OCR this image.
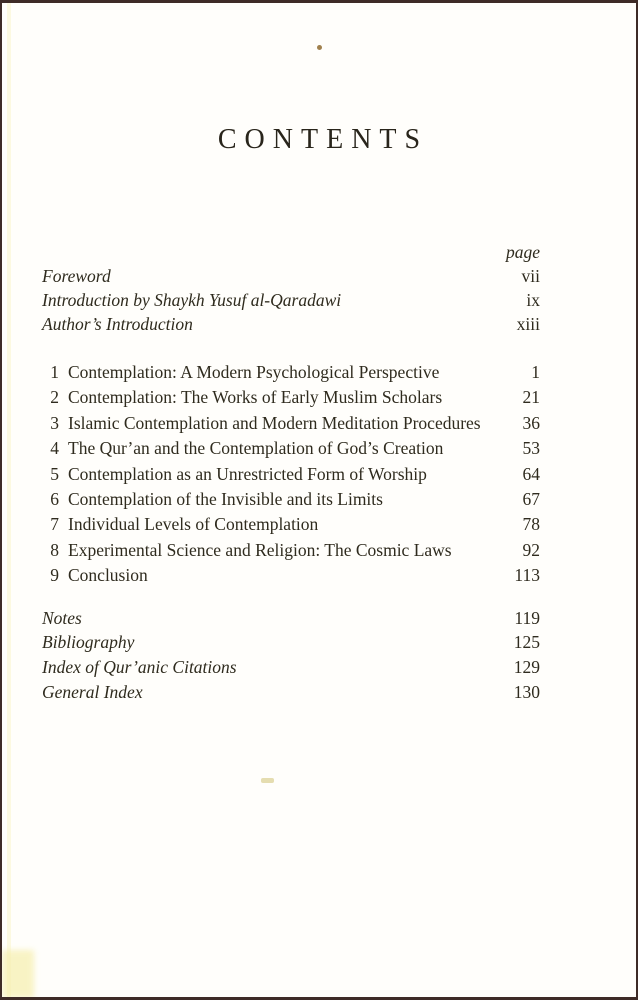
CONTENTS
page
Foreword	vii
Introduction by Shaykh Yusuf al-Qaradawi	ix
Author’s Introduction	xiii
1 Contemplation: A Modern Psychological Perspective	1
2 Contemplation: The Works of Early Muslim Scholars	21
3 Islamic Contemplation and Modern Meditation Procedures	36
4 The Qur’an and the Contemplation of God’s Creation	53
5 Contemplation as an Unrestricted Form of Worship	64
6 Contemplation of the Invisible and its Limits	67
7 Individual Levels of Contemplation	78
8 Experimental Science and Religion: The Cosmic Laws	92
9 Conclusion	113
Notes	119
Bibliography	125
Index of Qur’anic Citations	129
General Index	130
